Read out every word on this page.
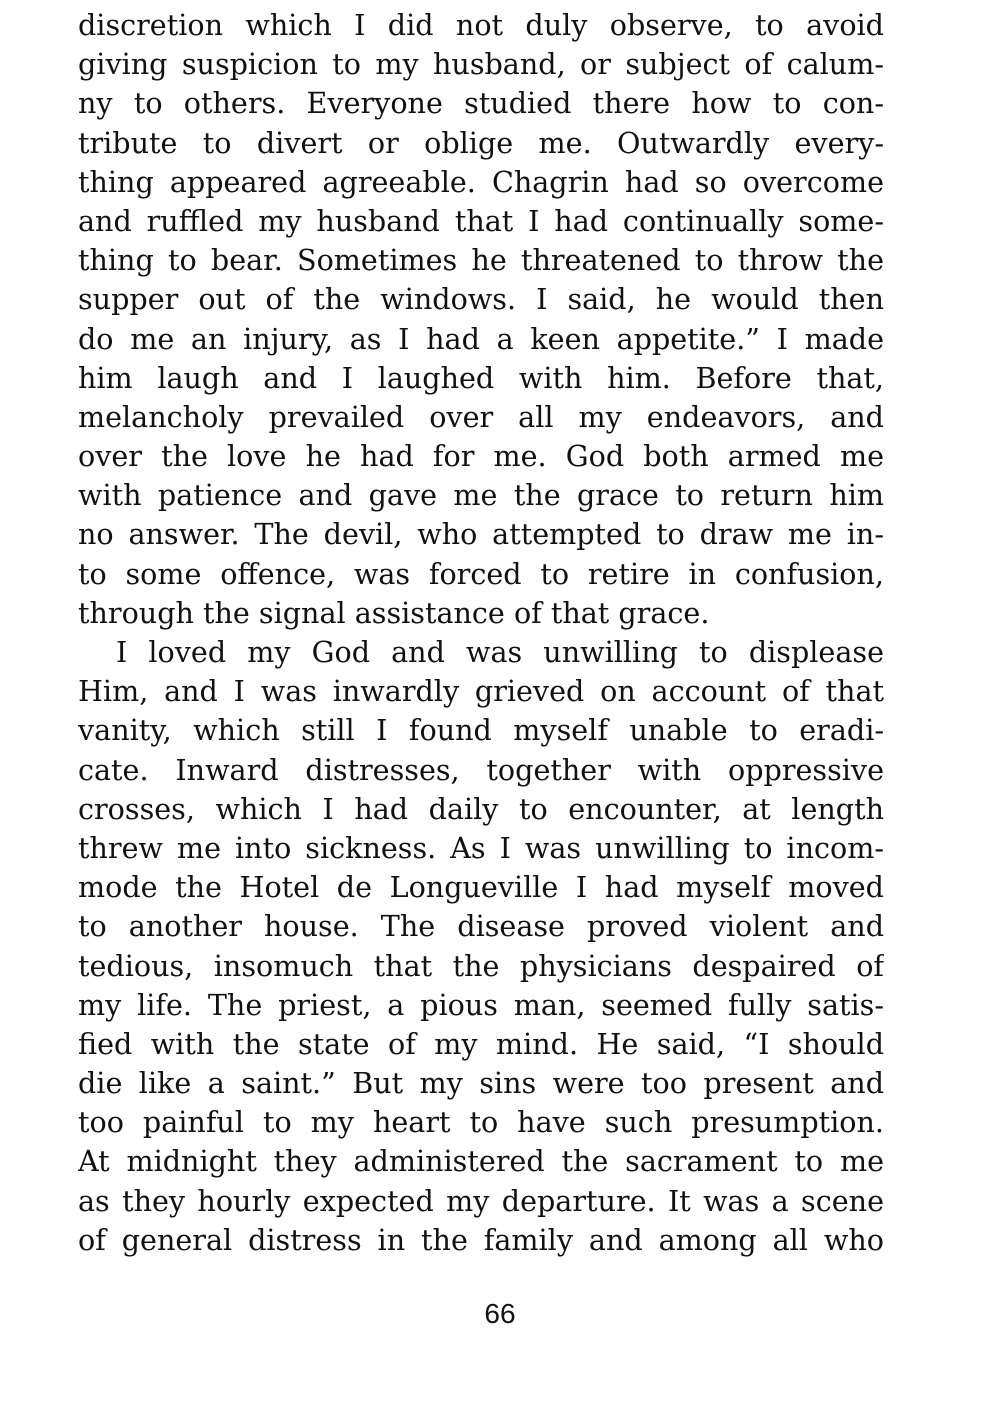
discretion which I did not duly observe, to avoid
giving suspicion to my husband, or subject of calum-
ny to others. Everyone studied there how to con-
tribute to divert or oblige me. Outwardly every-
thing appeared agreeable. Chagrin had so overcome
and ruffled my husband that I had continually some-
thing to bear. Sometimes he threatened to throw the
supper out of the windows. I said, he would then
do me an injury, as I had a keen appetite.” I made
him laugh and I laughed with him. Before that,
melancholy prevailed over all my endeavors, and
over the love he had for me. God both armed me
with patience and gave me the grace to return him
no answer. The devil, who attempted to draw me in-
to some offence, was forced to retire in confusion,
through the signal assistance of that grace.
I loved my God and was unwilling to displease
Him, and I was inwardly grieved on account of that
vanity, which still I found myself unable to eradi-
cate. Inward distresses, together with oppressive
crosses, which I had daily to encounter, at length
threw me into sickness. As I was unwilling to incom-
mode the Hotel de Longueville I had myself moved
to another house. The disease proved violent and
tedious, insomuch that the physicians despaired of
my life. The priest, a pious man, seemed fully satis-
fied with the state of my mind. He said, “I should
die like a saint.” But my sins were too present and
too painful to my heart to have such presumption.
At midnight they administered the sacrament to me
as they hourly expected my departure. It was a scene
of general distress in the family and among all who
66
